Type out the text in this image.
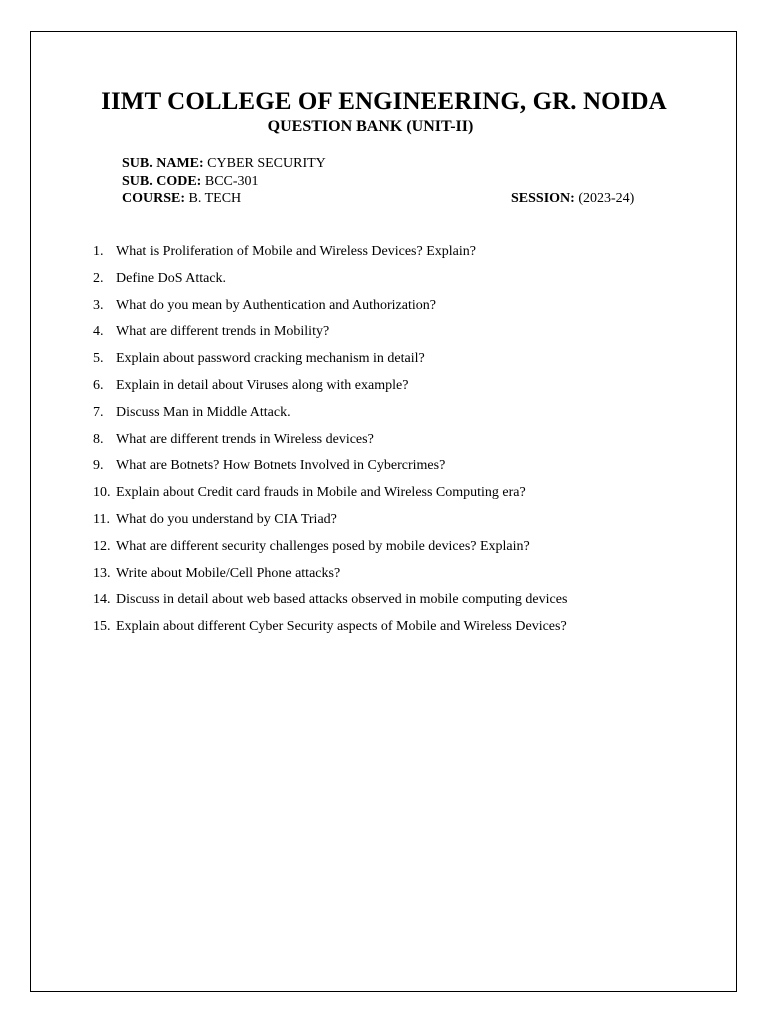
IIMT COLLEGE OF ENGINEERING, GR. NOIDA
QUESTION BANK (UNIT-II)
SUB. NAME: CYBER SECURITY
SUB. CODE: BCC-301
COURSE: B. TECH	SESSION: (2023-24)
1. What is Proliferation of Mobile and Wireless Devices? Explain?
2. Define DoS Attack.
3. What do you mean by Authentication and Authorization?
4. What are different trends in Mobility?
5. Explain about password cracking mechanism in detail?
6. Explain in detail about Viruses along with example?
7. Discuss Man in Middle Attack.
8. What are different trends in Wireless devices?
9. What are Botnets? How Botnets Involved in Cybercrimes?
10. Explain about Credit card frauds in Mobile and Wireless Computing era?
11. What do you understand by CIA Triad?
12. What are different security challenges posed by mobile devices? Explain?
13. Write about Mobile/Cell Phone attacks?
14. Discuss in detail about web based attacks observed in mobile computing devices
15. Explain about different Cyber Security aspects of Mobile and Wireless Devices?
